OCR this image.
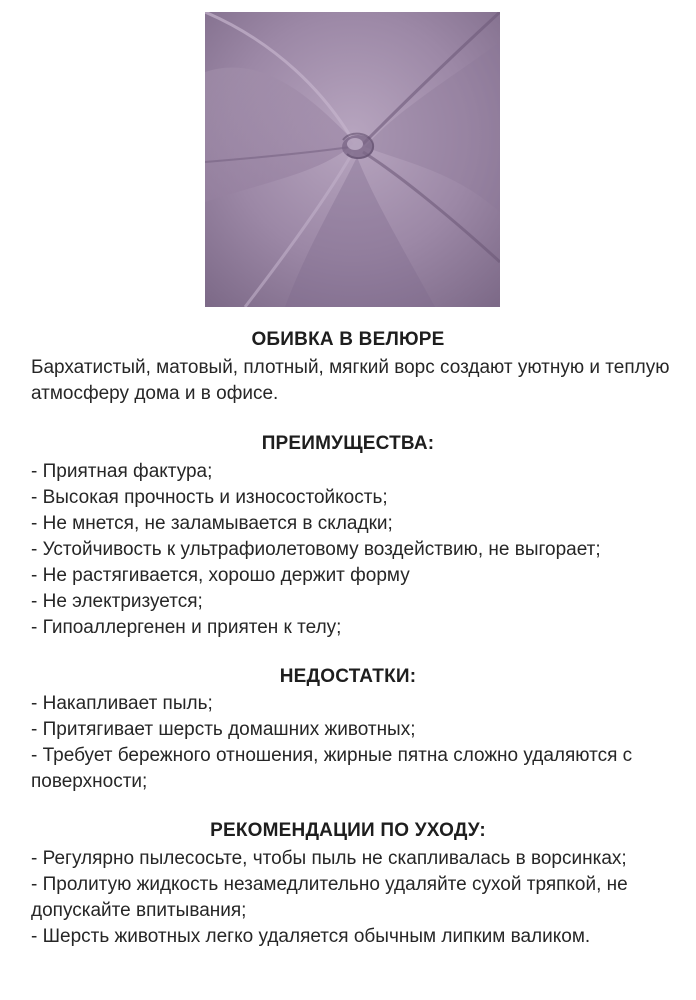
ОБИВКА В ВЕЛЮРЕ

Бархатистый, матовый, плотный, мягкий ворс создают уютную и теплую атмосферу дома и в офисе.

ПРЕИМУЩЕСТВА:
- Приятная фактура;
- Высокая прочность и износостойкость;
- Не мнется, не заламывается в складки;
- Устойчивость к ультрафиолетовому воздействию, не выгорает;
- Не растягивается, хорошо держит форму
- Не электризуется;
- Гипоаллергенен и приятен к телу;
НЕДОСТАТКИ:
- Накапливает пыль;
- Притягивает шерсть домашних животных;
- Требует бережного отношения, жирные пятна сложно удаляются с поверхности;
РЕКОМЕНДАЦИИ ПО УХОДУ:
- Регулярно пылесосьте, чтобы пыль не скапливалась в ворсинках;
- Пролитую жидкость незамедлительно удаляйте сухой тряпкой, не допускайте впитывания;
- Шерсть животных легко удаляется обычным липким валиком.
